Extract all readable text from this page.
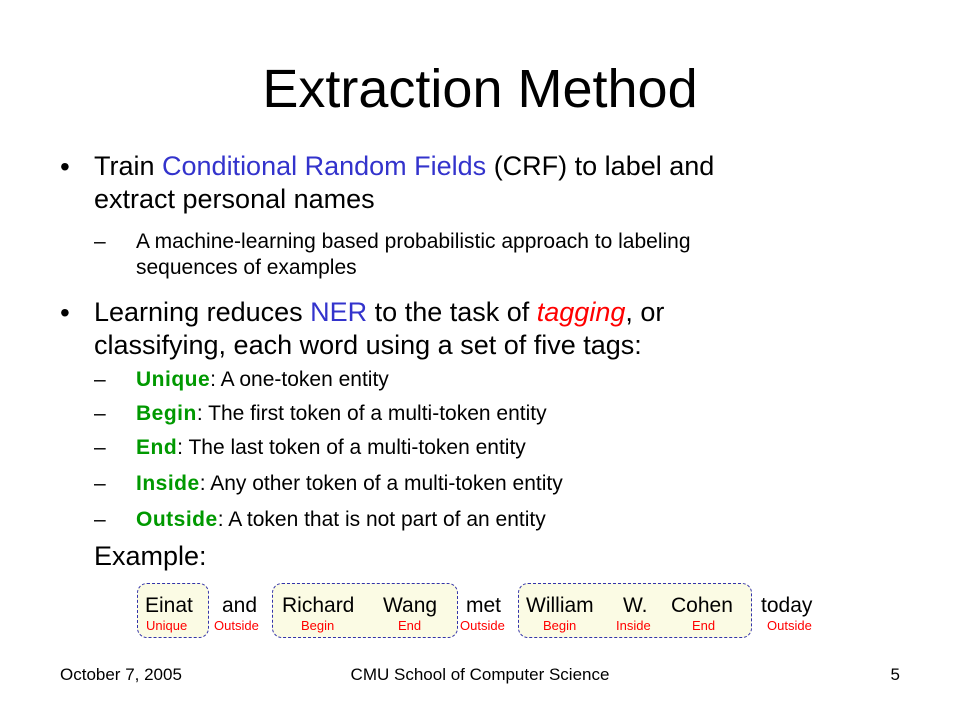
Extraction Method
• Train Conditional Random Fields (CRF) to label and
extract personal names
– A machine-learning based probabilistic approach to labeling
sequences of examples
• Learning reduces NER to the task of tagging, or
classifying, each word using a set of five tags:
– Unique: A one-token entity
– Begin: The first token of a multi-token entity
– End: The last token of a multi-token entity
– Inside: Any other token of a multi-token entity
– Outside: A token that is not part of an entity
Example:
Einat and Richard Wang met William W. Cohen today
Unique Outside	Begin	End	Outside	Begin	Inside	End	Outside
October 7, 2005	CMU School of Computer Science	5
